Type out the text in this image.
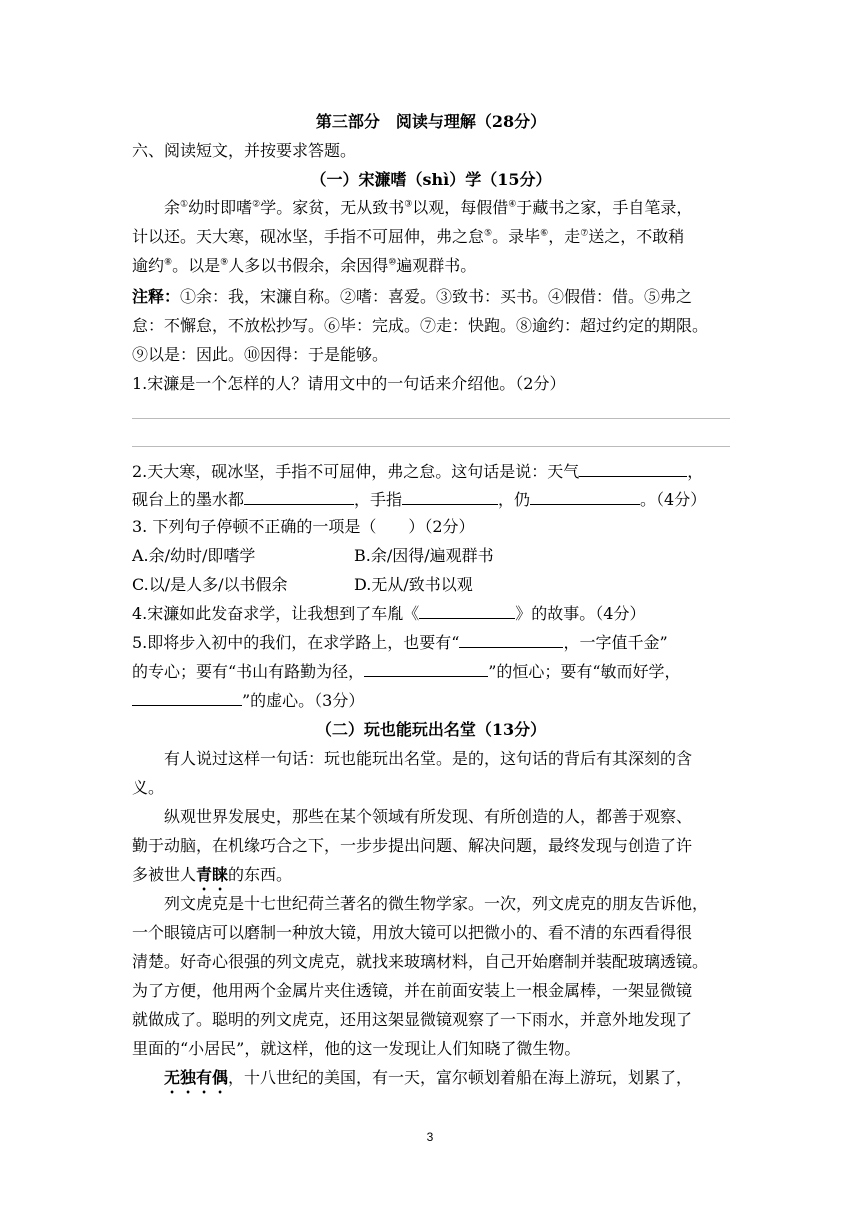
第三部分　阅读与理解（28分）
六、阅读短文，并按要求答题。
（一）宋濂嗜（shì）学（15分）
余①幼时即嗜②学。家贫，无从致书③以观，每假借④于藏书之家，手自笔录，
计以还。天大寒，砚冰坚，手指不可屈伸，弗之怠⑤。录毕⑥，走⑦送之，不敢稍
逾约⑧。以是⑨人多以书假余，余因得⑩遍观群书。
注释：①余：我，宋濂自称。②嗜：喜爱。③致书：买书。④假借：借。⑤弗之
怠：不懈怠，不放松抄写。⑥毕：完成。⑦走：快跑。⑧逾约：超过约定的期限。
⑨以是：因此。⑩因得：于是能够。
1.宋濂是一个怎样的人？请用文中的一句话来介绍他。（2分）
2.天大寒，砚冰坚，手指不可屈伸，弗之怠。这句话是说：天气	，
砚台上的墨水都	，手指	，仍	。（4分）
3. 下列句子停顿不正确的一项是（　　）（2分）
A.余/幼时/即嗜学	B.余/因得/遍观群书
C.以/是人多/以书假余	D.无从/致书以观
4.宋濂如此发奋求学，让我想到了车胤《	》的故事。（4分）
5.即将步入初中的我们，在求学路上，也要有“	，一字值千金”
的专心；要有“书山有路勤为径，	”的恒心；要有“敏而好学，
”的虚心。（3分）
（二）玩也能玩出名堂（13分）
有人说过这样一句话：玩也能玩出名堂。是的，这句话的背后有其深刻的含
义。
纵观世界发展史，那些在某个领域有所发现、有所创造的人，都善于观察、
勤于动脑，在机缘巧合之下，一步步提出问题、解决问题，最终发现与创造了许
多被世人青睐的东西。
列文虎克是十七世纪荷兰著名的微生物学家。一次，列文虎克的朋友告诉他，
一个眼镜店可以磨制一种放大镜，用放大镜可以把微小的、看不清的东西看得很
清楚。好奇心很强的列文虎克，就找来玻璃材料，自己开始磨制并装配玻璃透镜。
为了方便，他用两个金属片夹住透镜，并在前面安装上一根金属棒，一架显微镜
就做成了。聪明的列文虎克，还用这架显微镜观察了一下雨水，并意外地发现了
里面的“小居民”，就这样，他的这一发现让人们知晓了微生物。
无独有偶，十八世纪的美国，有一天，富尔顿划着船在海上游玩，划累了，
3
